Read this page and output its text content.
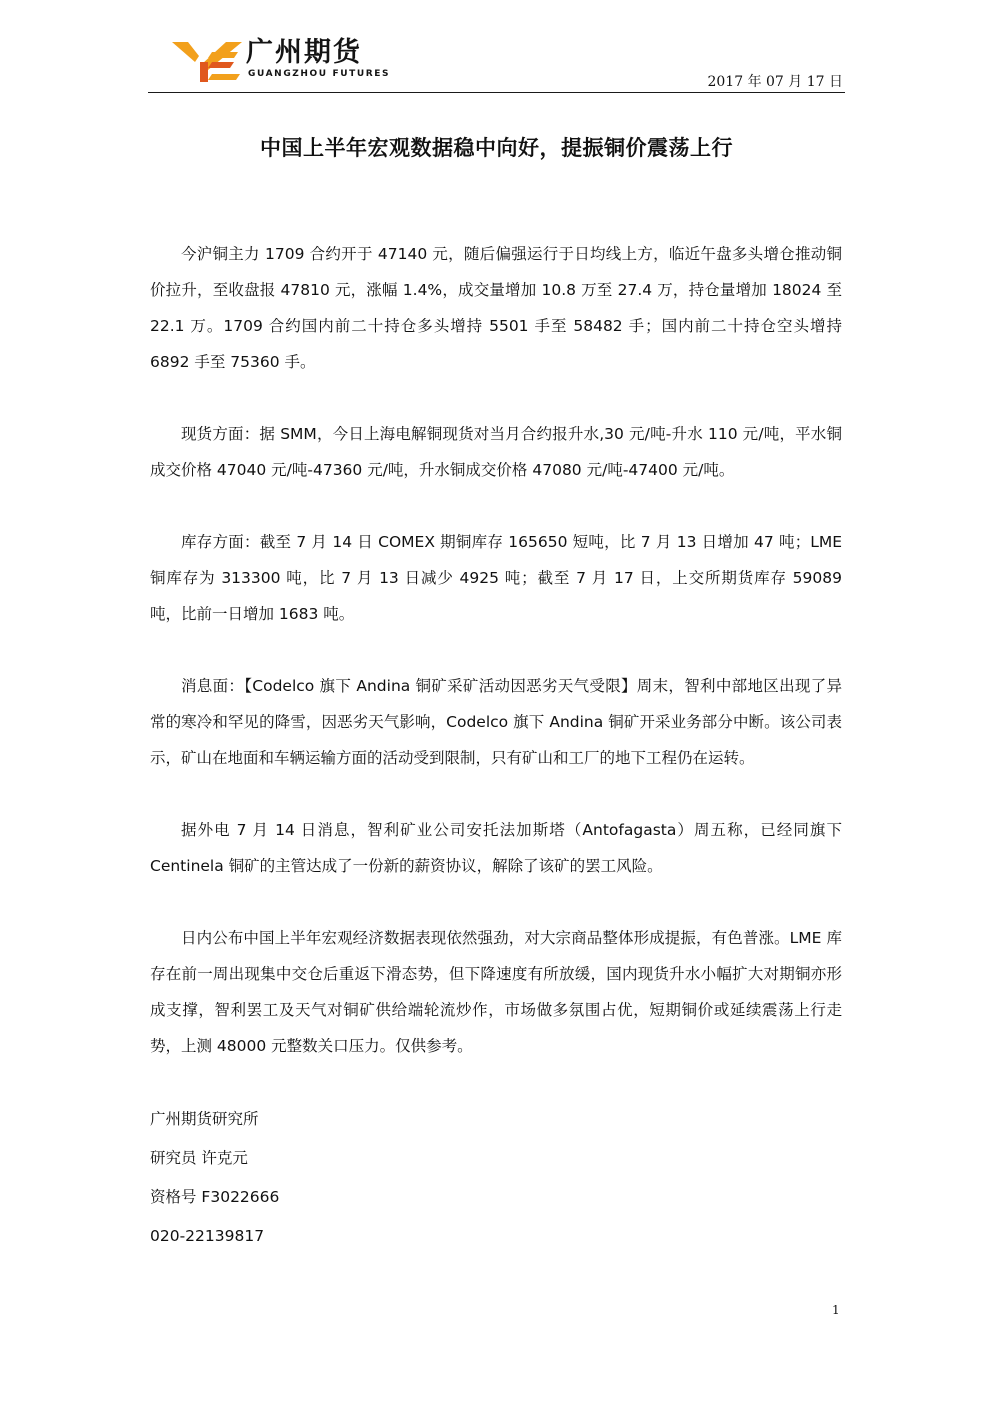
广州期货
GUANGZHOU FUTURES	2017 年 07 月 17 日
中国上半年宏观数据稳中向好，提振铜价震荡上行

今沪铜主力 1709 合约开于 47140 元，随后偏强运行于日均线上方，临近午盘多头增仓推动铜价拉升，至收盘报 47810 元，涨幅 1.4%，成交量增加 10.8 万至 27.4 万，持仓量增加 18024 至 22.1 万。1709 合约国内前二十持仓多头增持 5501 手至 58482 手；国内前二十持仓空头增持 6892 手至 75360 手。

现货方面：据 SMM，今日上海电解铜现货对当月合约报升水,30 元/吨-升水 110 元/吨，平水铜成交价格 47040 元/吨-47360 元/吨，升水铜成交价格 47080 元/吨-47400 元/吨。

库存方面：截至 7 月 14 日 COMEX 期铜库存 165650 短吨，比 7 月 13 日增加 47 吨；LME 铜库存为 313300 吨，比 7 月 13 日减少 4925 吨；截至 7 月 17 日，上交所期货库存 59089 吨，比前一日增加 1683 吨。

消息面：【Codelco 旗下 Andina 铜矿采矿活动因恶劣天气受限】周末，智利中部地区出现了异常的寒冷和罕见的降雪，因恶劣天气影响，Codelco 旗下 Andina 铜矿开采业务部分中断。该公司表示，矿山在地面和车辆运输方面的活动受到限制，只有矿山和工厂的地下工程仍在运转。

据外电 7 月 14 日消息，智利矿业公司安托法加斯塔（Antofagasta）周五称，已经同旗下 Centinela 铜矿的主管达成了一份新的薪资协议，解除了该矿的罢工风险。

日内公布中国上半年宏观经济数据表现依然强劲，对大宗商品整体形成提振，有色普涨。LME 库存在前一周出现集中交仓后重返下滑态势，但下降速度有所放缓，国内现货升水小幅扩大对期铜亦形成支撑，智利罢工及天气对铜矿供给端轮流炒作，市场做多氛围占优，短期铜价或延续震荡上行走势，上测 48000 元整数关口压力。仅供参考。

广州期货研究所
研究员 许克元
资格号 F3022666
020-22139817
1
